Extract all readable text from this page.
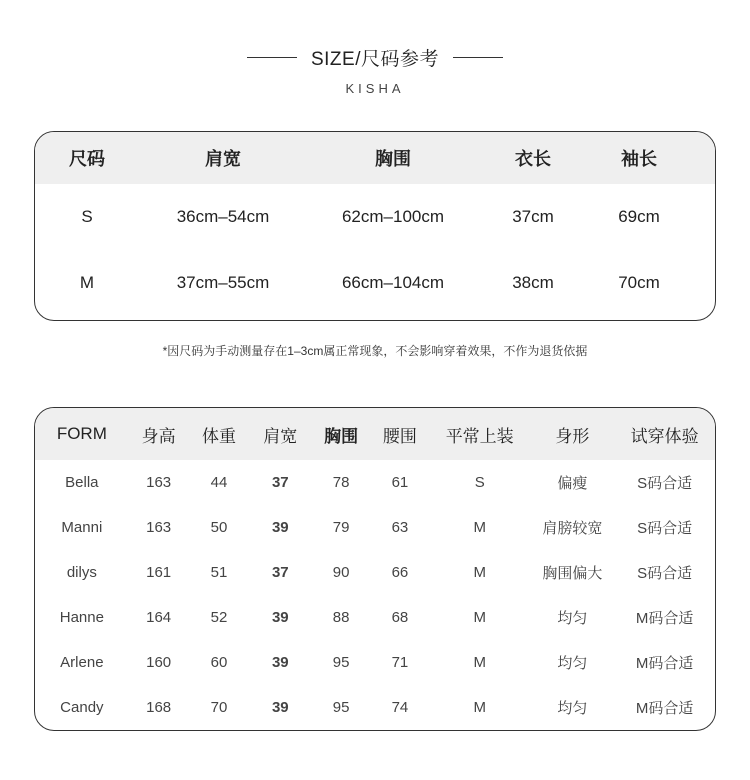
SIZE/尺码参考
KISHA
尺码	肩宽	胸围	衣长	袖长
S	36cm–54cm	62cm–100cm	37cm	69cm
M	37cm–55cm	66cm–104cm	38cm	70cm
*因尺码为手动测量存在1–3cm属正常现象，不会影响穿着效果，不作为退货依据
FORM	身高	体重	肩宽	胸围	腰围	平常上装	身形	试穿体验
Bella	163	44	37	78	61	S	偏瘦	S码合适
Manni	163	50	39	79	63	M	肩膀较宽	S码合适
dilys	161	51	37	90	66	M	胸围偏大	S码合适
Hanne	164	52	39	88	68	M	均匀	M码合适
Arlene	160	60	39	95	71	M	均匀	M码合适
Candy	168	70	39	95	74	M	均匀	M码合适
